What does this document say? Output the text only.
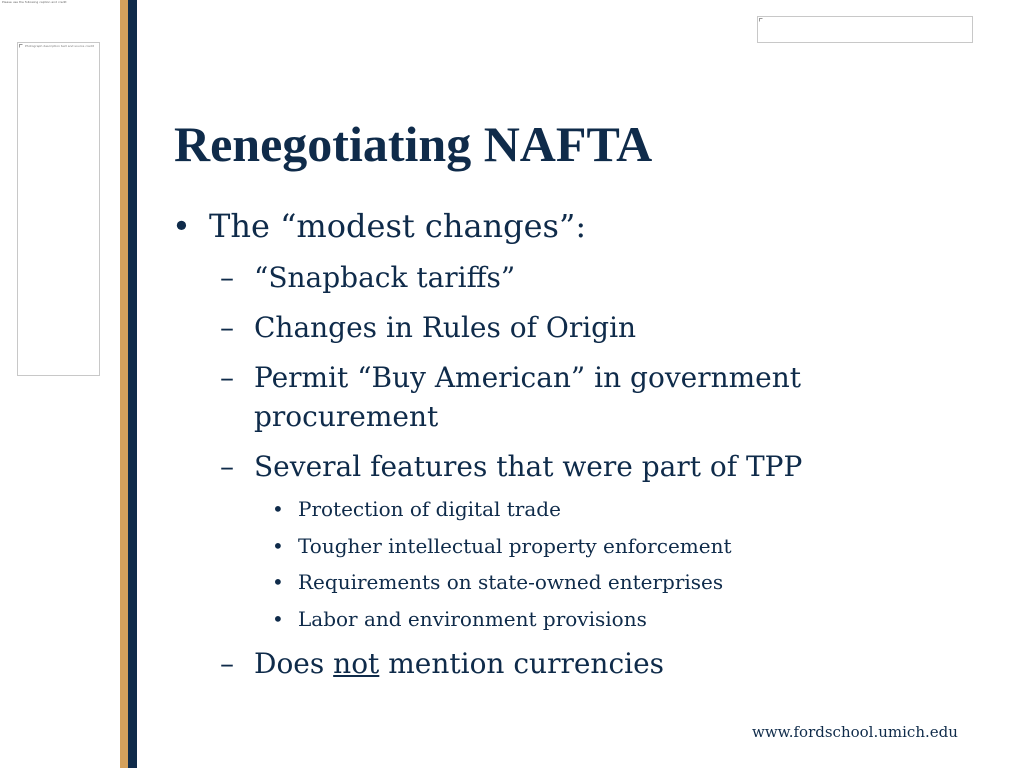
Please use the following caption and credit
Photograph description text and source credit
Renegotiating NAFTA
• The “modest changes”:
– “Snapback tariffs”
– Changes in Rules of Origin
– Permit “Buy American” in government
procurement
– Several features that were part of TPP
• Protection of digital trade
• Tougher intellectual property enforcement
• Requirements on state-owned enterprises
• Labor and environment provisions
– Does not mention currencies
www.fordschool.umich.edu
